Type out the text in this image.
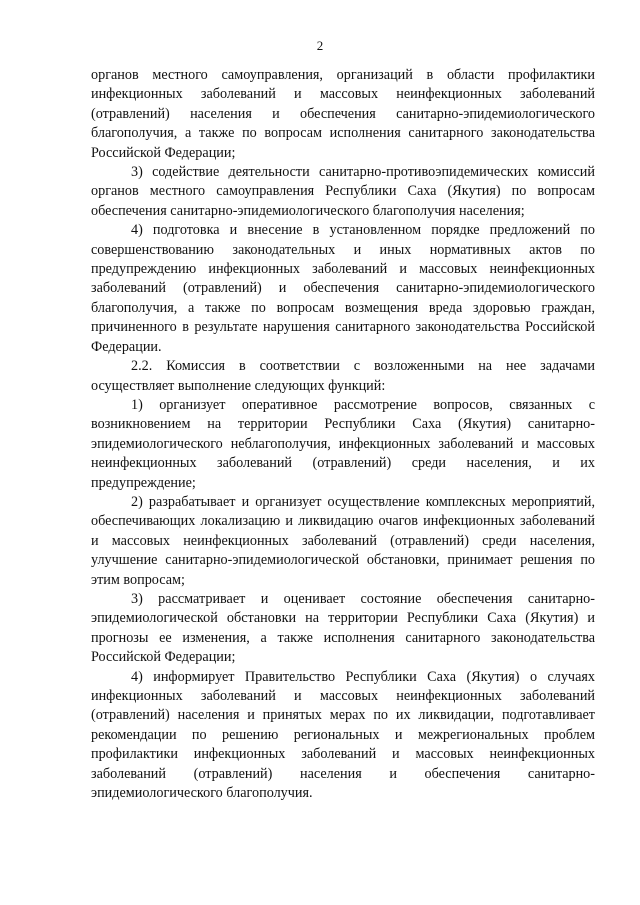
2

органов местного самоуправления, организаций в области профилактики инфекционных заболеваний и массовых неинфекционных заболеваний (отравлений) населения и обеспечения санитарно-эпидемиологического благополучия, а также по вопросам исполнения санитарного законодательства Российской Федерации;

3) содействие деятельности санитарно-противоэпидемических комиссий органов местного самоуправления Республики Саха (Якутия) по вопросам обеспечения санитарно-эпидемиологического благополучия населения;

4) подготовка и внесение в установленном порядке предложений по совершенствованию законодательных и иных нормативных актов по предупреждению инфекционных заболеваний и массовых неинфекционных заболеваний (отравлений) и обеспечения санитарно-эпидемиологического благополучия, а также по вопросам возмещения вреда здоровью граждан, причиненного в результате нарушения санитарного законодательства Российской Федерации.

2.2. Комиссия в соответствии с возложенными на нее задачами осуществляет выполнение следующих функций:

1) организует оперативное рассмотрение вопросов, связанных с возникновением на территории Республики Саха (Якутия) санитарно-эпидемиологического неблагополучия, инфекционных заболеваний и массовых неинфекционных заболеваний (отравлений) среди населения, и их предупреждение;

2) разрабатывает и организует осуществление комплексных мероприятий, обеспечивающих локализацию и ликвидацию очагов инфекционных заболеваний и массовых неинфекционных заболеваний (отравлений) среди населения, улучшение санитарно-эпидемиологической обстановки, принимает решения по этим вопросам;

3) рассматривает и оценивает состояние обеспечения санитарно-эпидемиологической обстановки на территории Республики Саха (Якутия) и прогнозы ее изменения, а также исполнения санитарного законодательства Российской Федерации;

4) информирует Правительство Республики Саха (Якутия) о случаях инфекционных заболеваний и массовых неинфекционных заболеваний (отравлений) населения и принятых мерах по их ликвидации, подготавливает рекомендации по решению региональных и межрегиональных проблем профилактики инфекционных заболеваний и массовых неинфекционных заболеваний (отравлений) населения и обеспечения санитарно-эпидемиологического благополучия.
